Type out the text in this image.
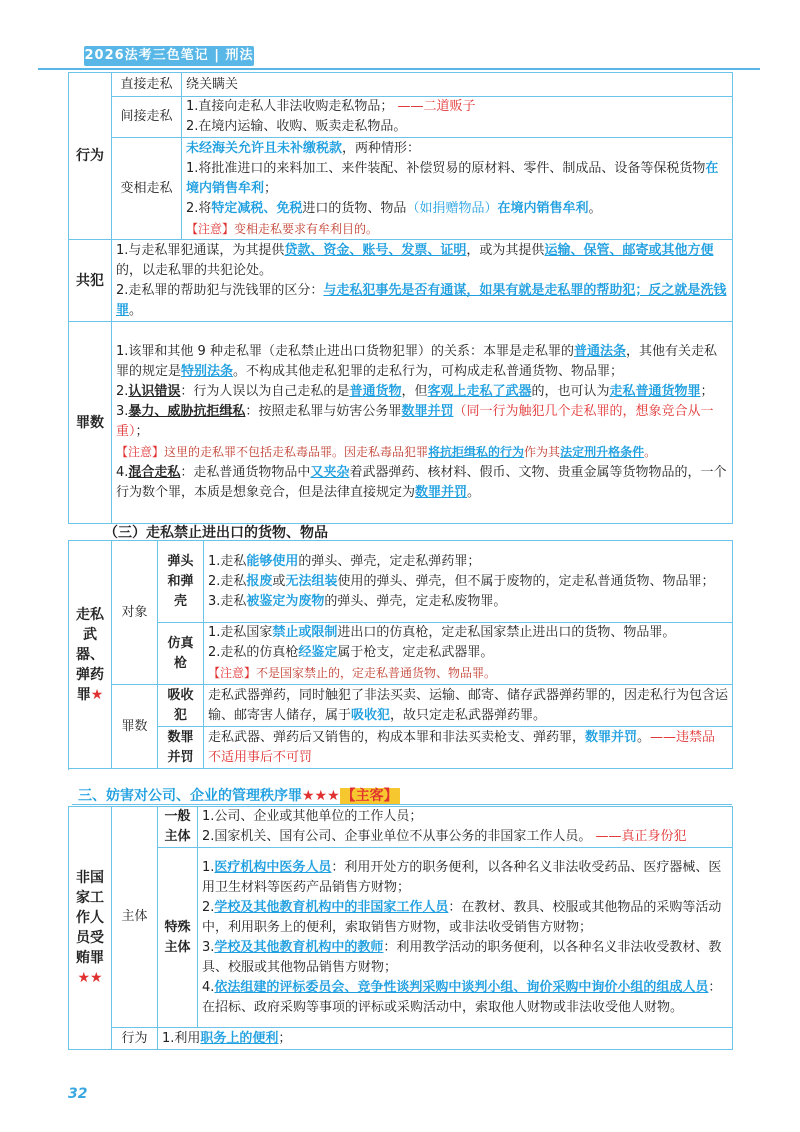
2026法考三色笔记 | 刑法
行为	直接走私	绕关瞒关
	间接走私	1.直接向走私人非法收购走私物品； ——二道贩子
2.在境内运输、收购、贩卖走私物品。

	变相走私	未经海关允许且未补缴税款，两种情形：
1.将批准进口的来料加工、来件装配、补偿贸易的原材料、零件、制成品、设备等保税货物在境内销售牟利；
2.将特定减税、免税进口的货物、物品（如捐赠物品）在境内销售牟利。
【注意】变相走私要求有牟利目的。

共犯	1.与走私罪犯通谋，为其提供贷款、资金、账号、发票、证明，或为其提供运输、保管、邮寄或其他方便的，以走私罪的共犯论处。
2.走私罪的帮助犯与洗钱罪的区分：与走私犯事先是否有通谋，如果有就是走私罪的帮助犯；反之就是洗钱罪。	
罪数	1.该罪和其他 9 种走私罪（走私禁止进出口货物犯罪）的关系：本罪是走私罪的普通法条，其他有关走私罪的规定是特别法条。不构成其他走私犯罪的走私行为，可构成走私普通货物、物品罪；
2.认识错误：行为人误以为自己走私的是普通货物，但客观上走私了武器的，也可认为走私普通货物罪；
3.暴力、威胁抗拒缉私：按照走私罪与妨害公务罪数罪并罚（同一行为触犯几个走私罪的，想象竞合从一重）；
【注意】这里的走私罪不包括走私毒品罪。因走私毒品犯罪将抗拒缉私的行为作为其法定刑升格条件。
4.混合走私：走私普通货物物品中又夹杂着武器弹药、核材料、假币、文物、贵重金属等货物物品的，一个行为数个罪，本质是想象竞合，但是法律直接规定为数罪并罚。	
（三）走私禁止进出口的货物、物品
走私武器、弹药罪★	对象	弹头和弹壳	1.走私能够使用的弹头、弹壳，定走私弹药罪；
2.走私报废或无法组装使用的弹头、弹壳，但不属于废物的，定走私普通货物、物品罪；
3.走私被鉴定为废物的弹头、弹壳，定走私废物罪。
		仿真枪	1.走私国家禁止或限制进出口的仿真枪，定走私国家禁止进出口的货物、物品罪。
2.走私的仿真枪经鉴定属于枪支，定走私武器罪。
【注意】不是国家禁止的，定走私普通货物、物品罪。
	罪数	吸收犯	走私武器弹药，同时触犯了非法买卖、运输、邮寄、储存武器弹药罪的，因走私行为包含运输、邮寄害人储存，属于吸收犯，故只定走私武器弹药罪。
		数罪并罚	走私武器、弹药后又销售的，构成本罪和非法买卖枪支、弹药罪，数罪并罚。——违禁品不适用事后不可罚

三、妨害对公司、企业的管理秩序罪★★★ 【主客】
非国家工作人员受贿罪
★★	主体	一般主体	1.公司、企业或其他单位的工作人员；
2.国家机关、国有公司、企事业单位不从事公务的非国家工作人员。 ——真正身份犯

		特殊主体	1.医疗机构中医务人员：利用开处方的职务便利，以各种名义非法收受药品、医疗器械、医用卫生材料等医药产品销售方财物；
2.学校及其他教育机构中的非国家工作人员：在教材、教具、校服或其他物品的采购等活动中，利用职务上的便利，索取销售方财物，或非法收受销售方财物；
3.学校及其他教育机构中的教师：利用教学活动的职务便利，以各种名义非法收受教材、教具、校服或其他物品销售方财物；
4.依法组建的评标委员会、竞争性谈判采购中谈判小组、询价采购中询价小组的组成人员：在招标、政府采购等事项的评标或采购活动中，索取他人财物或非法收受他人财物。
	行为	1.利用职务上的便利；	
32
